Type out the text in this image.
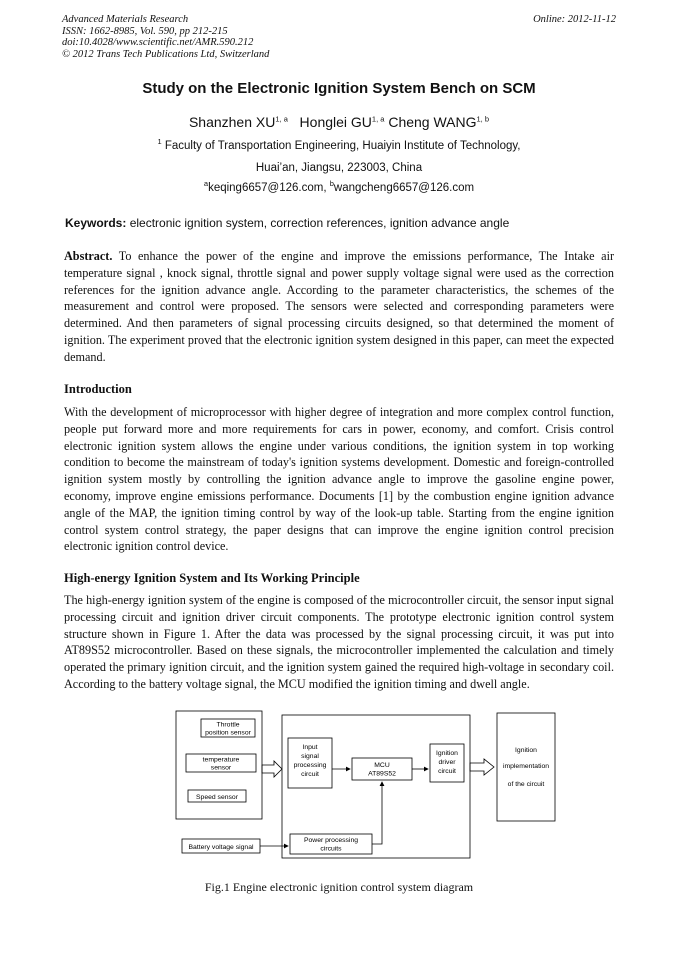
Advanced Materials Research
ISSN: 1662-8985, Vol. 590, pp 212-215
doi:10.4028/www.scientific.net/AMR.590.212
© 2012 Trans Tech Publications Ltd, Switzerland
Online: 2012-11-12
Study on the Electronic Ignition System Bench on SCM
Shanzhen XU$^{1, a}$ Honglei GU$^{1, a}$ Cheng WANG$^{1, b}$
$^1$ Faculty of Transportation Engineering, Huaiyin Institute of Technology,
Huai’an, Jiangsu, 223003, China
$^a$keqing6657@126.com, $^b$wangcheng6657@126.com
Keywords: electronic ignition system, correction references, ignition advance angle

Abstract. To enhance the power of the engine and improve the emissions performance, The Intake air temperature signal , knock signal, throttle signal and power supply voltage signal were used as the correction references for the ignition advance angle. According to the parameter characteristics, the schemes of the measurement and control were proposed. The sensors were selected and corresponding parameters were determined. And then parameters of signal processing circuits designed, so that determined the moment of ignition. The experiment proved that the electronic ignition system designed in this paper, can meet the expected demand.

Introduction

With the development of microprocessor with higher degree of integration and more complex control function, people put forward more and more requirements for cars in power, economy, and comfort. Crisis control electronic ignition system allows the engine under various conditions, the ignition system in top working condition to become the mainstream of today's ignition systems development. Domestic and foreign-controlled ignition system mostly by controlling the ignition advance angle to improve the gasoline engine power, economy, improve engine emissions performance. Documents [1] by the combustion engine ignition advance angle of the MAP, the ignition timing control by way of the look-up table. Starting from the engine ignition control system control strategy, the paper designs that can improve the engine ignition control precision electronic ignition control device.

High-energy Ignition System and Its Working Principle

The high-energy ignition system of the engine is composed of the microcontroller circuit, the sensor input signal processing circuit and ignition driver circuit components. The prototype electronic ignition control system structure shown in Figure 1. After the data was processed by the signal processing circuit, it was put into AT89S52 microcontroller. Based on these signals, the microcontroller implemented the calculation and timely operated the primary ignition circuit, and the ignition system gained the required high-voltage in secondary coil. According to the battery voltage signal, the MCU modified the ignition timing and dwell angle.

Throttle
position sensor
temperature
sensor
Speed sensor
Battery voltage signal
Input
signal
processing
circuit
MCU
AT89S52
Ignition
driver
circuit
Power processing
circuits
Ignition
implementation
of the circuit
Fig.1 Engine electronic ignition control system diagram
